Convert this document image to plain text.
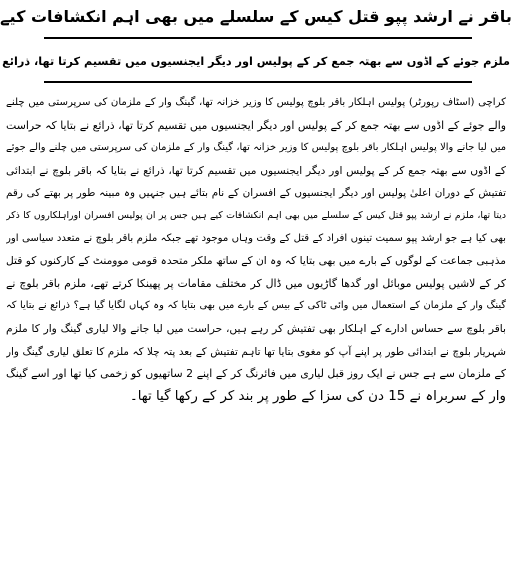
باقر نے ارشد پپو قتل کیس کے سلسلے میں بھی اہم انکشافات کیے
ملزم جوئے کے اڈوں سے بھتہ جمع کر کے پولیس اور دیگر ایجنسیوں میں تقسیم کرتا تھا، ذرائع
کراچی (اسٹاف رپورٹر) پولیس اہلکار باقر بلوچ پولیس کا وزیر خزانہ تھا، گینگ وار کے ملزمان کی سرپرستی میں چلنے
والے جوئے کے اڈوں سے بھتہ جمع کر کے پولیس اور دیگر ایجنسیوں میں تقسیم کرتا تھا، ذرائع نے بتایا کہ حراست
میں لیا جانے والا پولیس اہلکار باقر بلوچ پولیس کا وزیر خزانہ تھا، گینگ وار کے ملزمان کی سرپرستی میں چلنے والے جوئے
کے اڈوں سے بھتہ جمع کر کے پولیس اور دیگر ایجنسیوں میں تقسیم کرتا تھا، ذرائع نے بتایا کہ باقر بلوچ نے ابتدائی
تفتیش کے دوران اعلیٰ پولیس اور دیگر ایجنسیوں کے افسران کے نام بتائے ہیں جنہیں وہ مبینہ طور پر بھتے کی رقم
دیتا تھا، ملزم نے ارشد پپو قتل کیس کے سلسلے میں بھی اہم انکشافات کیے ہیں جس پر ان پولیس افسران اوراہلکاروں کا ذکر
بھی کیا ہے جو ارشد پپو سمیت تینوں افراد کے قتل کے وقت وہاں موجود تھے جبکہ ملزم باقر بلوچ نے متعدد سیاسی اور
مذہبی جماعت کے لوگوں کے بارے میں بھی بتایا کہ وہ ان کے ساتھ ملکر متحدہ قومی موومنٹ کے کارکنوں کو قتل
کر کے لاشیں پولیس موبائل اور گدھا گاڑیوں میں ڈال کر مختلف مقامات پر پھینکا کرتے تھے، ملزم باقر بلوچ نے
گینگ وار کے ملزمان کے استعمال میں وائی ٹاکی کے بیس کے بارے میں بھی بتایا کہ وہ کہاں لگایا گیا ہے؟ ذرائع نے بتایا کہ
باقر بلوچ سے حساس ادارے کے اہلکار بھی تفتیش کر رہے ہیں، حراست میں لیا جانے والا لیاری گینگ وار کا ملزم
شہریار بلوچ نے ابتدائی طور پر اپنے آپ کو مغوی بتایا تھا تاہم تفتیش کے بعد پتہ چلا کہ ملزم کا تعلق لیاری گینگ وار
کے ملزمان سے ہے جس نے ایک روز قبل لیاری میں فائرنگ کر کے اپنے 2 ساتھیوں کو زخمی کیا تھا اور اسے گینگ
وار کے سربراہ نے 15 دن کی سزا کے طور پر بند کر کے رکھا گیا تھا۔
